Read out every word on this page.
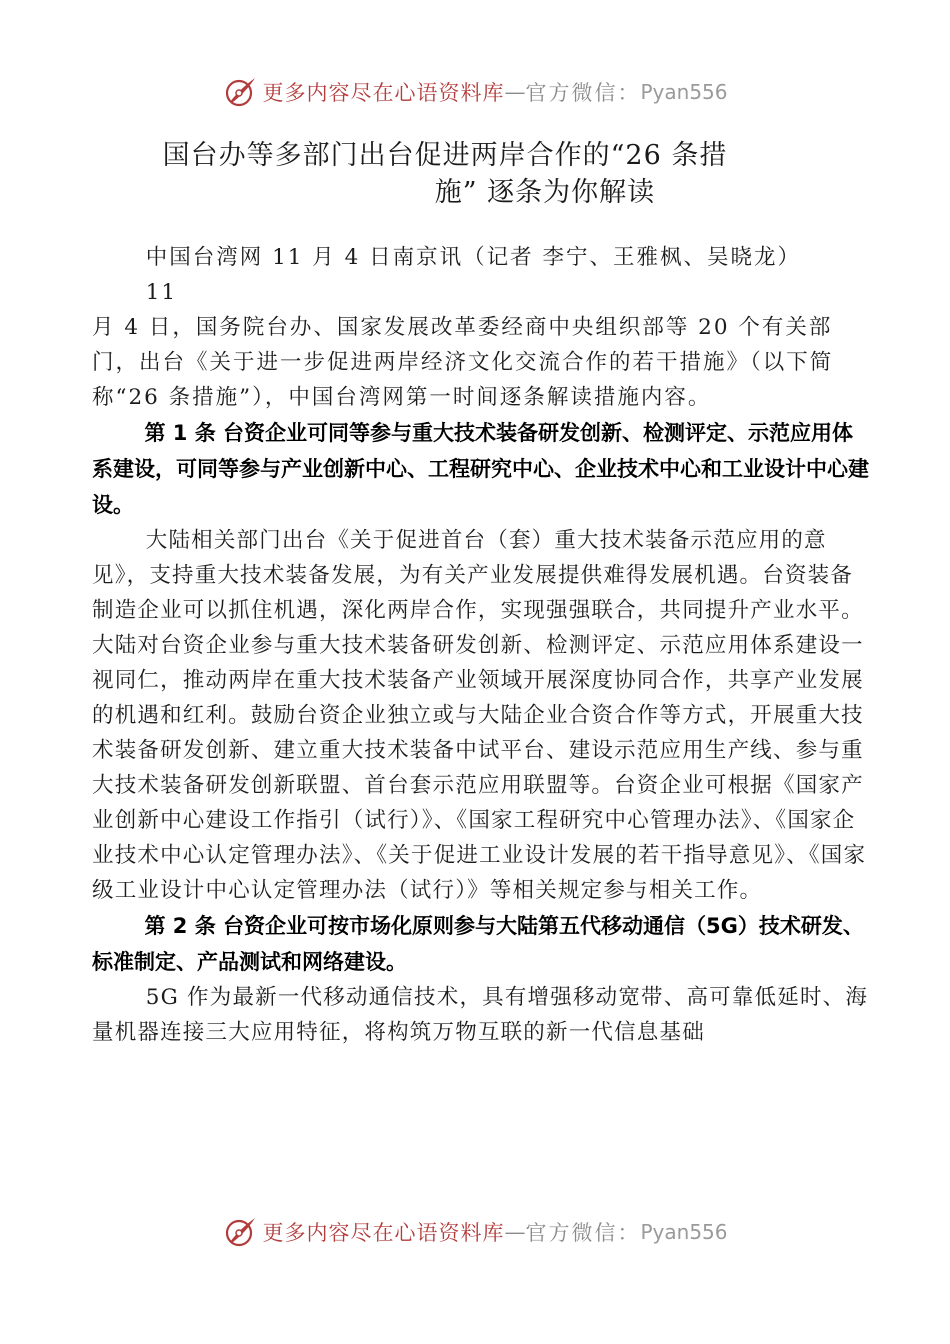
更多内容尽在心语资料库 — 官方微信： Pyan556
国台办等多部门出台促进两岸合作的“26 条措
施” 逐条为你解读

中国台湾网 11 月 4 日南京讯（记者 李宁、王雅枫、吴晓龙）

11

月 4 日，国务院台办、国家发展改革委经商中央组织部等 20 个有关部门，出台《关于进一步促进两岸经济文化交流合作的若干措施》（以下简称“26 条措施”），中国台湾网第一时间逐条解读措施内容。

第 1 条 台资企业可同等参与重大技术装备研发创新、检测评定、示范应用体系建设，可同等参与产业创新中心、工程研究中心、企业技术中心和工业设计中心建设。

大陆相关部门出台《关于促进首台（套）重大技术装备示范应用的意见》，支持重大技术装备发展，为有关产业发展提供难得发展机遇。台资装备制造企业可以抓住机遇，深化两岸合作，实现强强联合，共同提升产业水平。大陆对台资企业参与重大技术装备研发创新、检测评定、示范应用体系建设一视同仁，推动两岸在重大技术装备产业领域开展深度协同合作，共享产业发展的机遇和红利。鼓励台资企业独立或与大陆企业合资合作等方式，开展重大技术装备研发创新、建立重大技术装备中试平台、建设示范应用生产线、参与重大技术装备研发创新联盟、首台套示范应用联盟等。台资企业可根据《国家产业创新中心建设工作指引（试行）》、《国家工程研究中心管理办法》、《国家企业技术中心认定管理办法》、《关于促进工业设计发展的若干指导意见》、《国家级工业设计中心认定管理办法（试行）》等相关规定参与相关工作。

第 2 条 台资企业可按市场化原则参与大陆第五代移动通信（5G）技术研发、标准制定、产品测试和网络建设。

5G 作为最新一代移动通信技术，具有增强移动宽带、高可靠低延时、海量机器连接三大应用特征，将构筑万物互联的新一代信息基础

更多内容尽在心语资料库 — 官方微信： Pyan556
